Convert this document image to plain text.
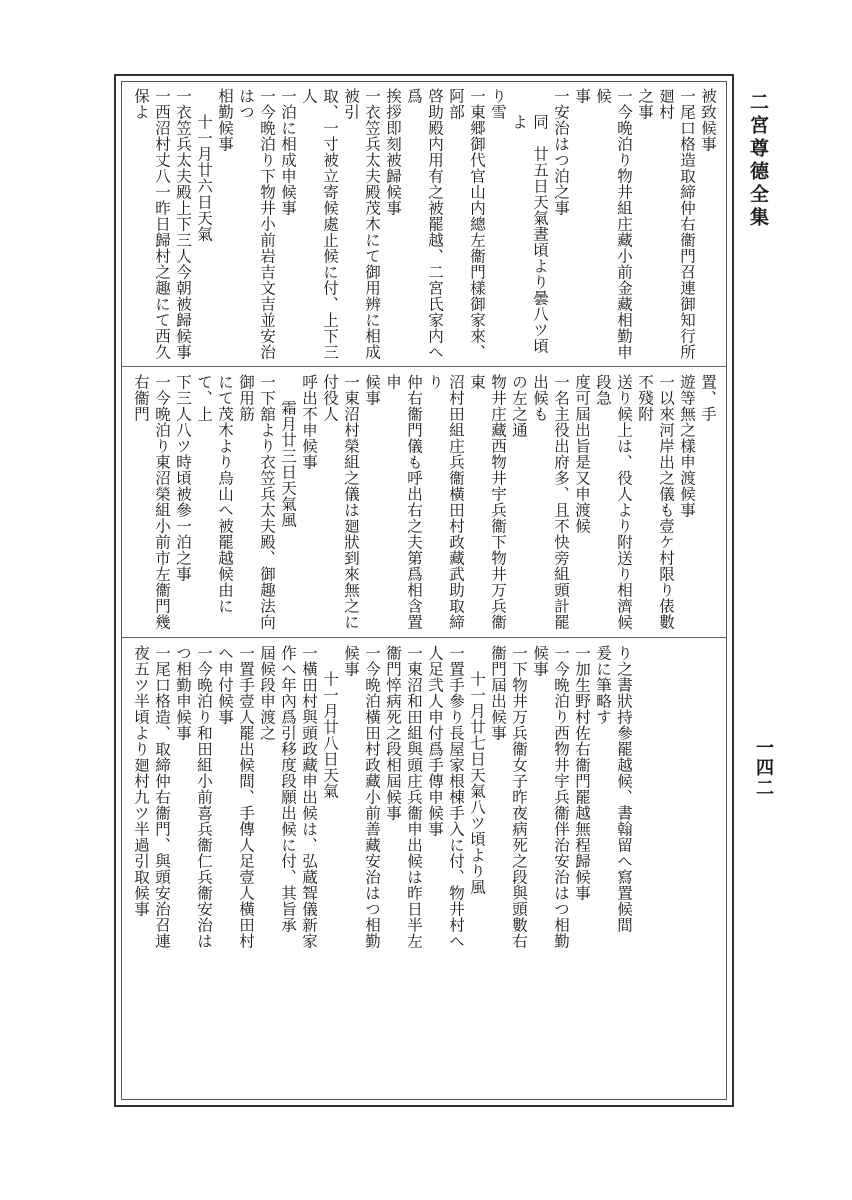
二宮尊德全集
一四二

被致候事

一尾口格造取締仲右衞門召連御知行所廻村

之事

一今晩泊り物井組庄藏小前金藏相勤申候

事

一安治はつ泊之事

同　廿五日天氣晝頃より曇八ツ頃よ

り雪

一東郷御代官山内總左衞門樣御家來、阿部

啓助殿内用有之被罷越、二宮氏家内へ爲

挨拶即刻被歸候事

一衣笠兵太夫殿茂木にて御用辨に相成被引

取、一寸被立寄候處止候に付、上下三人

一泊に相成申候事

一今晩泊り下物井小前岩吉文吉並安治はつ

相勤候事

十一月廿六日天氣

一衣笠兵太夫殿上下三人今朝被歸候事

一西沼村丈八一昨日歸村之趣にて西久保よ

置、手

遊等無之樣申渡候事

一以來河岸出之儀も壹ケ村限り俵數不殘附

送り候上は、役人より附送り相濟候段急

度可屆出旨是又申渡候

一名主役出府多、且不快旁組頭計罷出候も

の左之通

物井庄藏西物井宇兵衞下物井万兵衞東

沼村田組庄兵衞橫田村政藏武助取締り

仲右衞門儀も呼出右之夫第爲相含置申

候事

一東沼村榮組之儀は廻狀到來無之に付役人

呼出不申候事

霜月廿三日天氣風

一下舘より衣笠兵太夫殿、御趣法向御用筋

にて茂木より烏山へ被罷越候由にて、上

下三人八ツ時頃被參一泊之事

一今晩泊り東沼榮組小前市左衞門幾右衞門

り之書狀持參罷越候、書翰留へ寫置候間

爰に筆略す

一加生野村佐右衞門罷越無程歸候事

一今晩泊り西物井宇兵衞伴治安治はつ相勤

候事

一下物井万兵衞女子昨夜病死之段與頭數右

衞門屆出候事

十一月廿七日天氣八ツ頃より風

一置手參り長屋家根棟手入に付、物井村へ

人足弐人申付爲手傳申候事

一東沼和田組與頭庄兵衞申出候は昨日半左

衞門悴病死之段相屆候事

一今晩泊橫田村政藏小前善藏安治はつ相勤

候事

十一月廿八日天氣

一橫田村與頭政藏申出候は、弘蔵聟儀新家

作へ年內爲引移度段願出候に付、其旨承

屆候段申渡之

一置手壹人罷出候間、手傳人足壹人橫田村

へ申付候事

一今晩泊り和田組小前喜兵衞仁兵衞安治は

つ相勤申候事

一尾口格造、取締仲右衞門、與頭安治召連

夜五ツ半頃より廻村九ツ半過引取候事
